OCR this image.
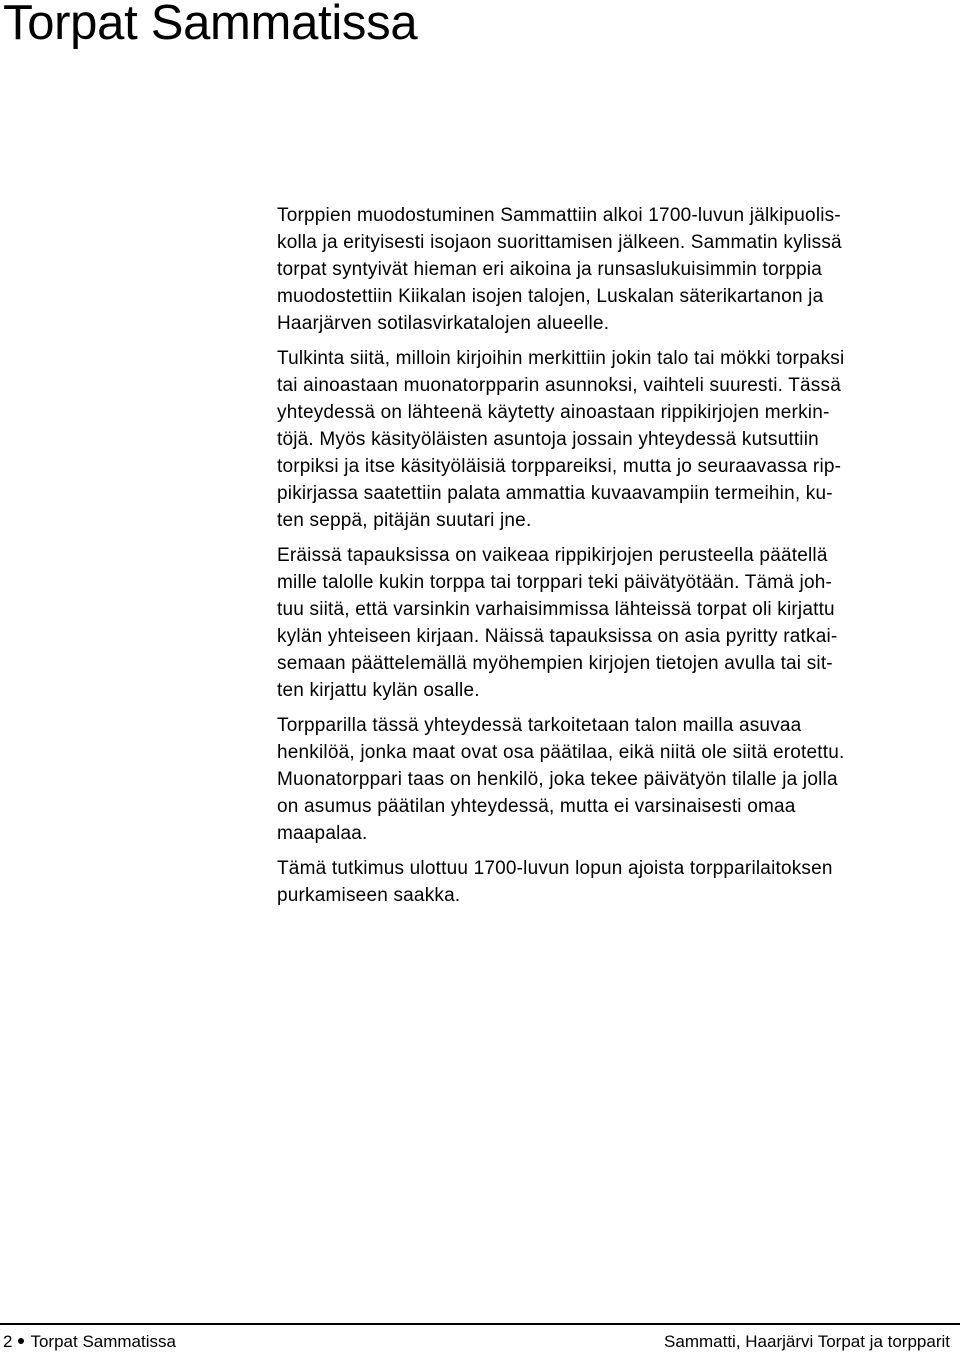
Torpat Sammatissa

Torppien muodostuminen Sammattiin alkoi 1700-luvun jälkipuolis-
kolla ja erityisesti isojaon suorittamisen jälkeen. Sammatin kylissä
torpat syntyivät hieman eri aikoina ja runsaslukuisimmin torppia
muodostettiin Kiikalan isojen talojen, Luskalan säterikartanon ja
Haarjärven sotilasvirkatalojen alueelle.

Tulkinta siitä, milloin kirjoihin merkittiin jokin talo tai mökki torpaksi
tai ainoastaan muonatorpparin asunnoksi, vaihteli suuresti. Tässä
yhteydessä on lähteenä käytetty ainoastaan rippikirjojen merkin-
töjä. Myös käsityöläisten asuntoja jossain yhteydessä kutsuttiin
torpiksi ja itse käsityöläisiä torppareiksi, mutta jo seuraavassa rip-
pikirjassa saatettiin palata ammattia kuvaavampiin termeihin, ku-
ten seppä, pitäjän suutari jne.

Eräissä tapauksissa on vaikeaa rippikirjojen perusteella päätellä
mille talolle kukin torppa tai torppari teki päivätyötään. Tämä joh-
tuu siitä, että varsinkin varhaisimmissa lähteissä torpat oli kirjattu
kylän yhteiseen kirjaan. Näissä tapauksissa on asia pyritty ratkai-
semaan päättelemällä myöhempien kirjojen tietojen avulla tai sit-
ten kirjattu kylän osalle.

Torpparilla tässä yhteydessä tarkoitetaan talon mailla asuvaa
henkilöä, jonka maat ovat osa päätilaa, eikä niitä ole siitä erotettu.
Muonatorppari taas on henkilö, joka tekee päivätyön tilalle ja jolla
on asumus päätilan yhteydessä, mutta ei varsinaisesti omaa
maapalaa.

Tämä tutkimus ulottuu 1700-luvun lopun ajoista torpparilaitoksen
purkamiseen saakka.

2 Torpat Sammatissa	Sammatti, Haarjärvi Torpat ja torpparit
